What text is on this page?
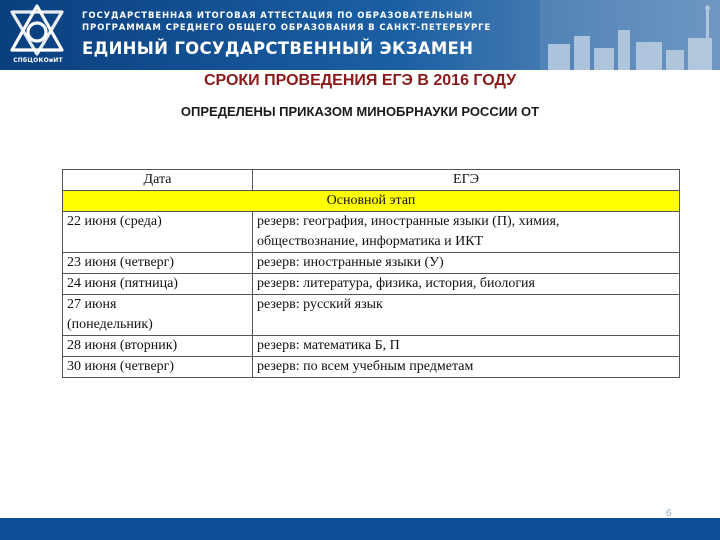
СПбЦОКОиИТ
ГОСУДАРСТВЕННАЯ ИТОГОВАЯ АТТЕСТАЦИЯ ПО ОБРАЗОВАТЕЛЬНЫМ
ПРОГРАММАМ СРЕДНЕГО ОБЩЕГО ОБРАЗОВАНИЯ В САНКТ-ПЕТЕРБУРГЕ
ЕДИНЫЙ ГОСУДАРСТВЕННЫЙ ЭКЗАМЕН
СРОКИ ПРОВЕДЕНИЯ ЕГЭ В 2016 ГОДУ
ОПРЕДЕЛЕНЫ ПРИКАЗОМ МИНОБРНАУКИ РОССИИ ОТ
Дата	ЕГЭ
Основной этап	

22 июня (среда)	резерв: география, иностранные языки (П), химия,
обществознание, информатика и ИКТ

23 июня (четверг)	резерв: иностранные языки (У)

24 июня (пятница)	резерв: литература, физика, история, биология

27 июня
(понедельник)	резерв: русский язык

28 июня (вторник)	резерв: математика Б, П

30 июня (четверг)	резерв: по всем учебным предметам
6
